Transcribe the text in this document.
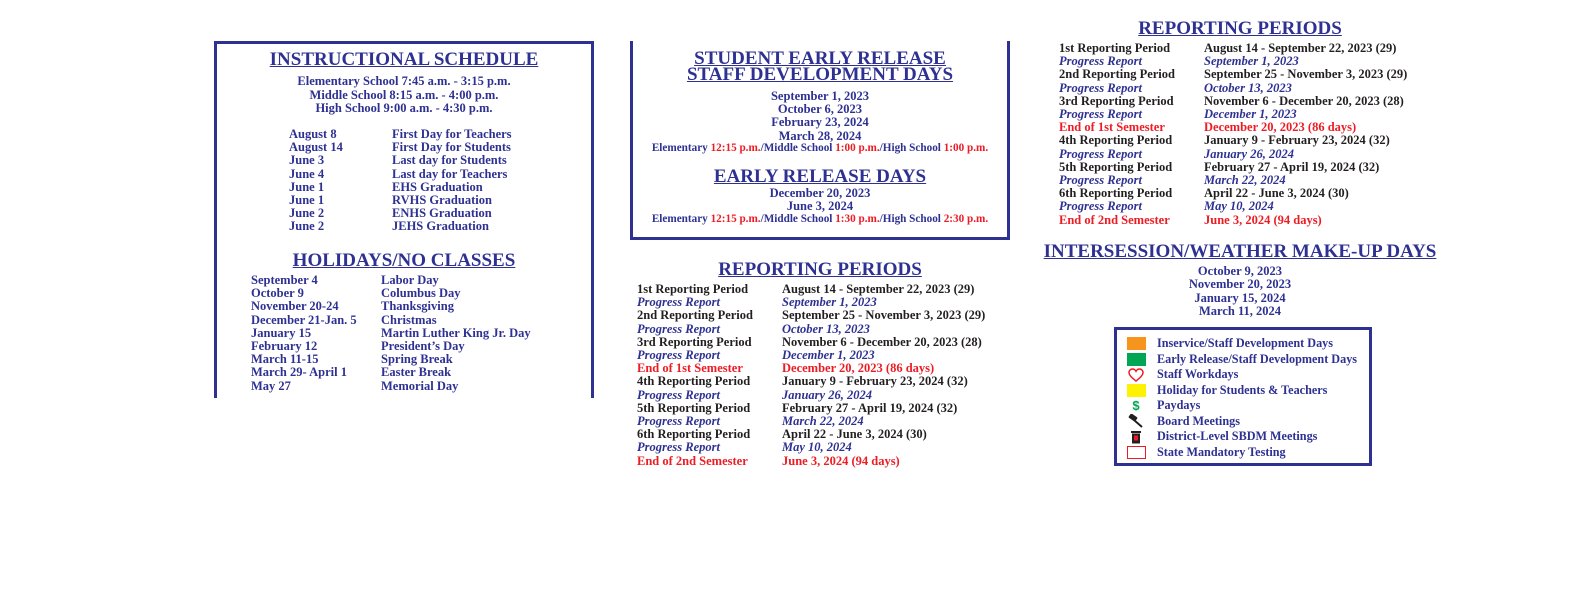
INSTRUCTIONAL SCHEDULE
Elementary School 7:45 a.m. - 3:15 p.m.
Middle School 8:15 a.m. - 4:00 p.m.
High School 9:00 a.m. - 4:30 p.m.
August 8	First Day for Teachers
August 14	First Day for Students
June 3	Last day for Students
June 4	Last day for Teachers
June 1	EHS Graduation
June 1	RVHS Graduation
June 2	ENHS Graduation
June 2	JEHS Graduation
HOLIDAYS/NO CLASSES
September 4	Labor Day
October 9	Columbus Day
November 20-24	Thanksgiving
December 21-Jan. 5	Christmas
January 15	Martin Luther King Jr. Day
February 12	President’s Day
March 11-15	Spring Break
March 29- April 1	Easter Break
May 27	Memorial Day
STUDENT EARLY RELEASE
STAFF DEVELOPMENT DAYS
September 1, 2023
October 6, 2023
February 23, 2024
March 28, 2024
Elementary 12:15 p.m./Middle School 1:00 p.m./High School 1:00 p.m.
EARLY RELEASE DAYS
December 20, 2023
June 3, 2024
Elementary 12:15 p.m./Middle School 1:30 p.m./High School 2:30 p.m.
REPORTING PERIODS
1st Reporting Period	August 14 - September 22, 2023 (29)
Progress Report	September 1, 2023
2nd Reporting Period	September 25 - November 3, 2023 (29)
Progress Report	October 13, 2023
3rd Reporting Period	November 6 - December 20, 2023 (28)
Progress Report	December 1, 2023
End of 1st Semester	December 20, 2023 (86 days)
4th Reporting Period	January 9 - February 23, 2024 (32)
Progress Report	January 26, 2024
5th Reporting Period	February 27 - April 19, 2024 (32)
Progress Report	March 22, 2024
6th Reporting Period	April 22 - June 3, 2024 (30)
Progress Report	May 10, 2024
End of 2nd Semester	June 3, 2024 (94 days)
REPORTING PERIODS
1st Reporting Period	August 14 - September 22, 2023 (29)
Progress Report	September 1, 2023
2nd Reporting Period	September 25 - November 3, 2023 (29)
Progress Report	October 13, 2023
3rd Reporting Period	November 6 - December 20, 2023 (28)
Progress Report	December 1, 2023
End of 1st Semester	December 20, 2023 (86 days)
4th Reporting Period	January 9 - February 23, 2024 (32)
Progress Report	January 26, 2024
5th Reporting Period	February 27 - April 19, 2024 (32)
Progress Report	March 22, 2024
6th Reporting Period	April 22 - June 3, 2024 (30)
Progress Report	May 10, 2024
End of 2nd Semester	June 3, 2024 (94 days)
INTERSESSION/WEATHER MAKE-UP DAYS
October 9, 2023
November 20, 2023
January 15, 2024
March 11, 2024
Inservice/Staff Development Days
Early Release/Staff Development Days
Staff Workdays
Holiday for Students & Teachers
$	Paydays
Board Meetings
District-Level SBDM Meetings
State Mandatory Testing
